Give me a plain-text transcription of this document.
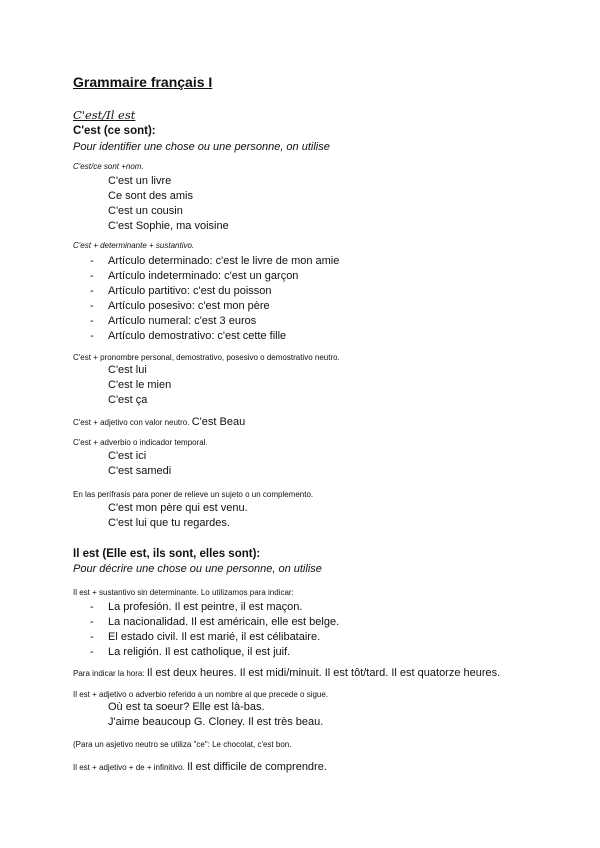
Grammaire français I
C'est/Il est
C'est (ce sont):
Pour identifier une chose ou une personne, on utilise
C'est/ce sont +nom.
C'est un livre
Ce sont des amis
C'est un cousin
C'est Sophie, ma voisine
C'est + determinante + sustantivo.
- Artículo determinado: c'est le livre de mon amie
- Artículo indeterminado: c'est un garçon
- Artículo partitivo: c'est du poisson
- Artículo posesivo: c'est mon père
- Artículo numeral: c'est 3 euros
- Artículo demostrativo: c'est cette fille
C'est + pronombre personal, demostrativo, posesivo o demostrativo neutro.
C'est lui
C'est le mien
C'est ça
C'est + adjetivo con valor neutro. C'est Beau
C'est + adverbio o indicador temporal.
C'est ici
C'est samedi
En las perífrasis para poner de relieve un sujeto o un complemento.
C'est mon père qui est venu.
C'est lui que tu regardes.
Il est (Elle est, ils sont, elles sont):
Pour décrire une chose ou une personne, on utilise
Il est + sustantivo sin determinante. Lo utilizamos para indicar:
- La profesión. Il est peintre, il est maçon.
- La nacionalidad. Il est américain, elle est belge.
- El estado civil. Il est marié, il est célibataire.
- La religión. Il est catholique, il est juif.
Para indicar la hora: Il est deux heures. Il est midi/minuit. Il est tôt/tard. Il est quatorze heures.
Il est + adjetivo o adverbio referido a un nombre al que precede o sigue.
Où est ta soeur? Elle est là-bas.
J'aime beaucoup G. Cloney. Il est très beau.
(Para un asjetivo neutro se utiliza "ce": Le chocolat, c'est bon.
Il est + adjetivo + de + infinitivo. Il est difficile de comprendre.
